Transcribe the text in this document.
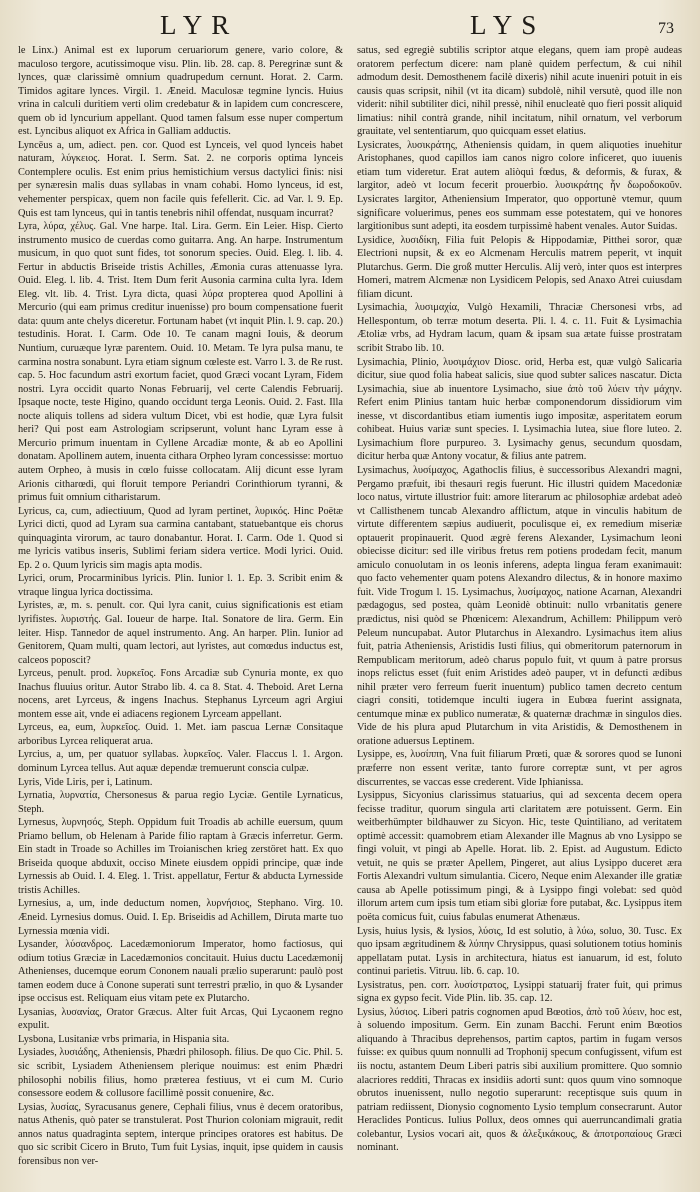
LYR	LYS	73

le Linx.) Animal est ex luporum ceruariorum genere, vario colore, & maculoso tergore, acutissimoque visu. Plin. lib. 28. cap. 8. Peregrinæ sunt & lynces, quæ clarissimè omnium quadrupedum cernunt. Horat. 2. Carm. Timidos agitare lynces. Virgil. 1. Æneid. Maculosæ tegmine lyncis. Huius vrina in calculi duritiem verti olim credebatur & in lapidem cum concrescere, quem ob id lyncurium appellant. Quod tamen falsum esse nuper compertum est. Lyncibus aliquot ex Africa in Galliam adductis.

Lyncēus a, um, adiect. pen. cor. Quod est Lynceis, vel quod lynceis habet naturam, λύγκειος. Horat. I. Serm. Sat. 2. ne corporis optima lynceis Contemplere oculis. Est enim prius hemistichium versus dactylici finis: nisi per synæresin malis duas syllabas in vnam cohabi. Homo lynceus, id est, vehementer perspicax, quem non facile quis fefellerit. Cic. ad Var. l. 9. Ep. Quis est tam lynceus, qui in tantis tenebris nihil offendat, nusquam incurrat?

Lyra, λύρα, χέλυς. Gal. Vne harpe. Ital. Lira. Germ. Ein Leier. Hisp. Cierto instrumento musico de cuerdas como guitarra. Ang. An harpe. Instrumentum musicum, in quo quot sunt fides, tot sonorum species. Ouid. Eleg. l. lib. 4. Fertur in abductis Briseide tristis Achilles, Æmonia curas attenuasse lyra. Ouid. Eleg. l. lib. 4. Trist. Item Dum ferit Ausonia carmina culta lyra. Idem Eleg. vlt. lib. 4. Trist. Lyra dicta, quasi λύρα propterea quod Apollini à Mercurio (qui eam primus creditur inuenisse) pro boum compensatione fuerit data: quum ante chelys diceretur. Fortunam habet (vt inquit Plin. l. 9. cap. 20.) testudinis. Horat. I. Carm. Ode 10. Te canam magni Iouis, & deorum Nuntium, curuæque lyræ parentem. Ouid. 10. Metam. Te lyra pulsa manu, te carmina nostra sonabunt. Lyra etiam signum cœleste est. Varro l. 3. de Re rust. cap. 5. Hoc facundum astri exortum faciet, quod Græci vocant Lyram, Fidem nostri. Lyra occidit quarto Nonas Februarij, vel certe Calendis Februarij. Ipsaque nocte, teste Higino, quando occidunt terga Leonis. Ouid. 2. Fast. Illa nocte aliquis tollens ad sidera vultum Dicet, vbi est hodie, quæ Lyra fulsit heri? Qui post eam Astrologiam scripserunt, volunt hanc Lyram esse à Mercurio primum inuentam in Cyllene Arcadiæ monte, & ab eo Apollini donatam. Apollinem autem, inuenta cithara Orpheo lyram concessisse: mortuo autem Orpheo, à musis in cœlo fuisse collocatam. Alij dicunt esse lyram Arionis citharœdi, qui floruit tempore Periandri Corinthiorum tyranni, & primus fuit omnium citharistarum.

Lyricus, ca, cum, adiectiuum, Quod ad lyram pertinet, λυρικός. Hinc Poëtæ Lyrici dicti, quod ad Lyram sua carmina cantabant, statuebantque eis chorus quinquaginta virorum, ac tauro donabantur. Horat. I. Carm. Ode 1. Quod si me lyricis vatibus inseris, Sublimi feriam sidera vertice. Modi lyrici. Ouid. Ep. 2 o. Quum lyricis sim magis apta modis.

Lyrici, orum, Procarminibus lyricis. Plin. Iunior l. 1. Ep. 3. Scribit enim & vtraque lingua lyrica doctissima.

Lyristes, æ, m. s. penult. cor. Qui lyra canit, cuius significationis est etiam lyrifistes. λυριστής. Gal. Ioueur de harpe. Ital. Sonatore de lira. Germ. Ein leiter. Hisp. Tannedor de aquel instrumento. Ang. An harper. Plin. Iunior ad Genitorem, Quam multi, quam lectori, aut lyristes, aut comœdus inductus est, calceos poposcit?

Lyrceus, penult. prod. λυρκεῖος. Fons Arcadiæ sub Cynuria monte, ex quo Inachus fluuius oritur. Autor Strabo lib. 4. ca 8. Stat. 4. Theboid. Aret Lerna nocens, aret Lyrceus, & ingens Inachus. Stephanus Lyrceum agri Argiui montem esse ait, vnde ei adiacens regionem Lyrceam appellant.

Lyrceus, ea, eum, λυρκεῖος. Ouid. 1. Met. iam pascua Lernæ Consitaque arboribus Lyrcea reliquerat arua.

Lyrcius, a, um, per quatuor syllabas. λυρκεῖος. Valer. Flaccus l. 1. Argon. dominum Lyrcea tellus. Aut aquæ dependæ tremuerunt conscia culpæ.

Lyris, Vide Liris, per i, Latinum.

Lyrnatia, λυρνατία, Chersonesus & parua regio Lyciæ. Gentile Lyrnaticus, Steph.

Lyrnesus, λυρνησός, Steph. Oppidum fuit Troadis ab achille euersum, quum Priamo bellum, ob Helenam à Paride filio raptam à Græcis inferretur. Germ. Ein stadt in Troade so Achilles im Troianischen krieg zerstöret hatt. Ex quo Briseida quoque abduxit, occiso Minete eiusdem oppidi principe, quæ inde Lyrnessis ab Ouid. I. 4. Eleg. 1. Trist. appellatur, Fertur & abducta Lyrnesside tristis Achilles.

Lyrnesius, a, um, inde deductum nomen, λυρνήσιος, Stephano. Virg. 10. Æneid. Lyrnesius domus. Ouid. I. Ep. Briseidis ad Achillem, Diruta marte tuo Lyrnessia mœnia vidi.

Lysander, λύσανδρος. Lacedæmoniorum Imperator, homo factiosus, qui odium totius Græciæ in Lacedæmonios concitauit. Huius ductu Lacedæmonij Athenienses, ducemque eorum Cononem nauali prælio superarunt: paulò post tamen eodem duce à Conone superati sunt terrestri prælio, in quo & Lysander ipse occisus est. Reliquam eius vitam pete ex Plutarcho.

Lysanias, λυσανίας, Orator Græcus. Alter fuit Arcas, Qui Lycaonem regno expulit.

Lysbona, Lusitaniæ vrbs primaria, in Hispania sita.

Lysiades, λυσιάδης, Atheniensis, Phædri philosoph. filius. De quo Cic. Phil. 5. sic scribit, Lysiadem Atheniensem plerique nouimus: est enim Phædri philosophi nobilis filius, homo præterea festiuus, vt ei cum M. Curio consessore eodem & collusore facillimè possit conuenire, &c.

Lysias, λυσίας, Syracusanus genere, Cephali filius, vnus è decem oratoribus, natus Athenis, quò pater se transtulerat. Post Thurion coloniam migrauit, redit annos natus quadraginta septem, interque principes oratores est habitus. De quo sic scribit Cicero in Bruto, Tum fuit Lysias, inquit, ipse quidem in causis forensibus non ver-

satus, sed egregiè subtilis scriptor atque elegans, quem iam propè audeas oratorem perfectum dicere: nam planè quidem perfectum, & cui nihil admodum desit. Demosthenem facilè dixeris) nihil acute inueniri potuit in eis causis quas scripsit, nihil (vt ita dicam) subdolè, nihil versutè, quod ille non viderit: nihil subtiliter dici, nihil pressè, nihil enucleatè quo fieri possit aliquid limatius: nihil contrà grande, nihil incitatum, nihil ornatum, vel verborum grauitate, vel sententiarum, quo quicquam esset elatius.

Lysicrates, λυσικράτης, Atheniensis quidam, in quem aliquoties inuehitur Aristophanes, quod capillos iam canos nigro colore inficeret, quo iuuenis etiam tum videretur. Erat autem aliòquì fœdus, & deformis, & furax, & largitor, adeò vt locum fecerit prouerbio. λυσικράτης ἦν δωροδοκοῦν. Lysicrates largitor, Atheniensium Imperator, quo opportunè vtemur, quum significare voluerimus, penes eos summam esse potestatem, qui ve honores largitionibus sunt adepti, ita eosdem turpissimè habent venales. Autor Suidas.

Lysidice, λυσιδίκη, Filia fuit Pelopis & Hippodamiæ, Pitthei soror, quæ Electrioni nupsit, & ex eo Alcmenam Herculis matrem peperit, vt inquit Plutarchus. Germ. Die groß mutter Herculis. Alij verò, inter quos est interpres Homeri, matrem Alcmenæ non Lysidicem Pelopis, sed Anaxo Atrei cuiusdam filiam dicunt.

Lysimachia, λυσιμαχία, Vulgò Hexamili, Thraciæ Chersonesi vrbs, ad Hellespontum, ob terræ motum deserta. Pli. l. 4. c. 11. Fuit & Lysimachia Ætoliæ vrbs, ad Hydram lacum, quam & ipsam sua ætate fuisse prostratam scribit Strabo lib. 10.

Lysimachia, Plinio, λυσιμάχιον Diosc. orid, Herba est, quæ vulgò Salicaria dicitur, siue quod folia habeat salicis, siue quod subter salices nascatur. Dicta Lysimachia, siue ab inuentore Lysimacho, siue ἀπὸ τοῦ λύειν τὴν μάχην. Refert enim Plinius tantam huic herbæ componendorum dissidiorum vim inesse, vt discordantibus etiam iumentis iugo impositæ, asperitatem eorum cohibeat. Huius variæ sunt species. I. Lysimachia lutea, siue flore luteo. 2. Lysimachium flore purpureo. 3. Lysimachy genus, secundum quosdam, dicitur herba quæ Antony vocatur, & filius ante patrem.

Lysimachus, λυσίμαχος, Agathoclis filius, è successoribus Alexandri magni, Pergamo præfuit, ibi thesauri regis fuerunt. Hic illustri quidem Macedoniæ loco natus, virtute illustrior fuit: amore literarum ac philosophiæ ardebat adeò vt Callisthenem tuncab Alexandro afflictum, atque in vinculis habitum de virtute differentem sæpius audiuerit, poculisque ei, ex remedium miseriæ optauerit propinauerit. Quod ægrè ferens Alexander, Lysimachum leoni obiecisse dicitur: sed ille viribus fretus rem potiens prodedam fecit, manum amiculo conuolutam in os leonis inferens, adepta lingua feram exanimauit: quo facto vehementer quam potens Alexandro dilectus, & in honore maximo fuit. Vide Trogum l. 15. Lysimachus, λυσίμαχος, natione Acarnan, Alexandri pædagogus, sed postea, quàm Leonidè obtinuit: nullo vrbanitatis genere prædictus, nisi quòd se Phœnicem: Alexandrum, Achillem: Philippum verò Peleum nuncupabat. Autor Plutarchus in Alexandro. Lysimachus item alius fuit, patria Atheniensis, Aristidis Iusti filius, qui obmeritorum paternorum in Rempublicam meritorum, adeò charus populo fuit, vt quum à patre prorsus inops relictus esset (fuit enim Aristides adeò pauper, vt in defuncti ædibus nihil præter vero ferreum fuerit inuentum) publico tamen decreto centum ciagri consiti, totidemque inculti iugera in Eubœa fuerint assignata, centumque minæ ex publico numeratæ, & quaternæ drachmæ in singulos dies. Vide de his plura apud Plutarchum in vita Aristidis, & Demosthenem in oratione aduersus Leptinem.

Lysippe, es, λυσίππη, Vna fuit filiarum Prœti, quæ & sorores quod se Iunoni præferre non essent veritæ, tanto furore correptæ sunt, vt per agros discurrentes, se vaccas esse crederent. Vide Iphianissa.

Lysippus, Sicyonius clarissimus statuarius, qui ad sexcenta decem opera fecisse traditur, quorum singula arti claritatem ære potuissent. Germ. Ein weitberhümpter bildhauwer zu Sicyon. Hic, teste Quintiliano, ad veritatem optimè accessit: quamobrem etiam Alexander ille Magnus ab vno Lysippo se fingi voluit, vt pingi ab Apelle. Horat. lib. 2. Epist. ad Augustum. Edicto vetuit, ne quis se præter Apellem, Pingeret, aut alius Lysippo duceret æra Fortis Alexandri vultum simulantia. Cicero, Neque enim Alexander ille gratiæ causa ab Apelle potissimum pingi, & à Lysippo fingi volebat: sed quòd illorum artem cum ipsis tum etiam sibi gloriæ fore putabat, &c. Lysippus item poëta comicus fuit, cuius fabulas enumerat Athenæus.

Lysis, huius lysis, & lysios, λύσις, Id est solutio, à λύω, soluo, 30. Tusc. Ex quo ipsam ægritudinem & λύπην Chrysippus, quasi solutionem totius hominis appellatam putat. Lysis in architectura, hiatus est ianuarum, id est, foluto continui parietis. Vitruu. lib. 6. cap. 10.

Lysistratus, pen. corr. λυσίστρατος, Lysippi statuarij frater fuit, qui primus signa ex gypso fecit. Vide Plin. lib. 35. cap. 12.

Lysius, λύσιος. Liberi patris cognomen apud Bœotios, ἀπὸ τοῦ λύειν, hoc est, à soluendo impositum. Germ. Ein zunam Bacchi. Ferunt enim Bœotios aliquando à Thracibus deprehensos, partim captos, partim in fugam versos fuisse: ex quibus quum nonnulli ad Trophonij specum confugissent, vifum est iis noctu, astantem Deum Liberi patris sibi auxilium promittere. Quo somnio alacriores redditi, Thracas ex insidiis adorti sunt: quos quum vino somnoque obrutos inuenissent, nullo negotio superarunt: receptisque suis quum in patriam rediissent, Dionysio cognomento Lysio templum consecrarunt. Autor Heraclides Ponticus. Iulius Pollux, deos omnes qui auerruncandimali gratia colebantur, Lysios vocari ait, quos & ἀλεξικάκους, & ἀποτροπαίους Græci nominant.
